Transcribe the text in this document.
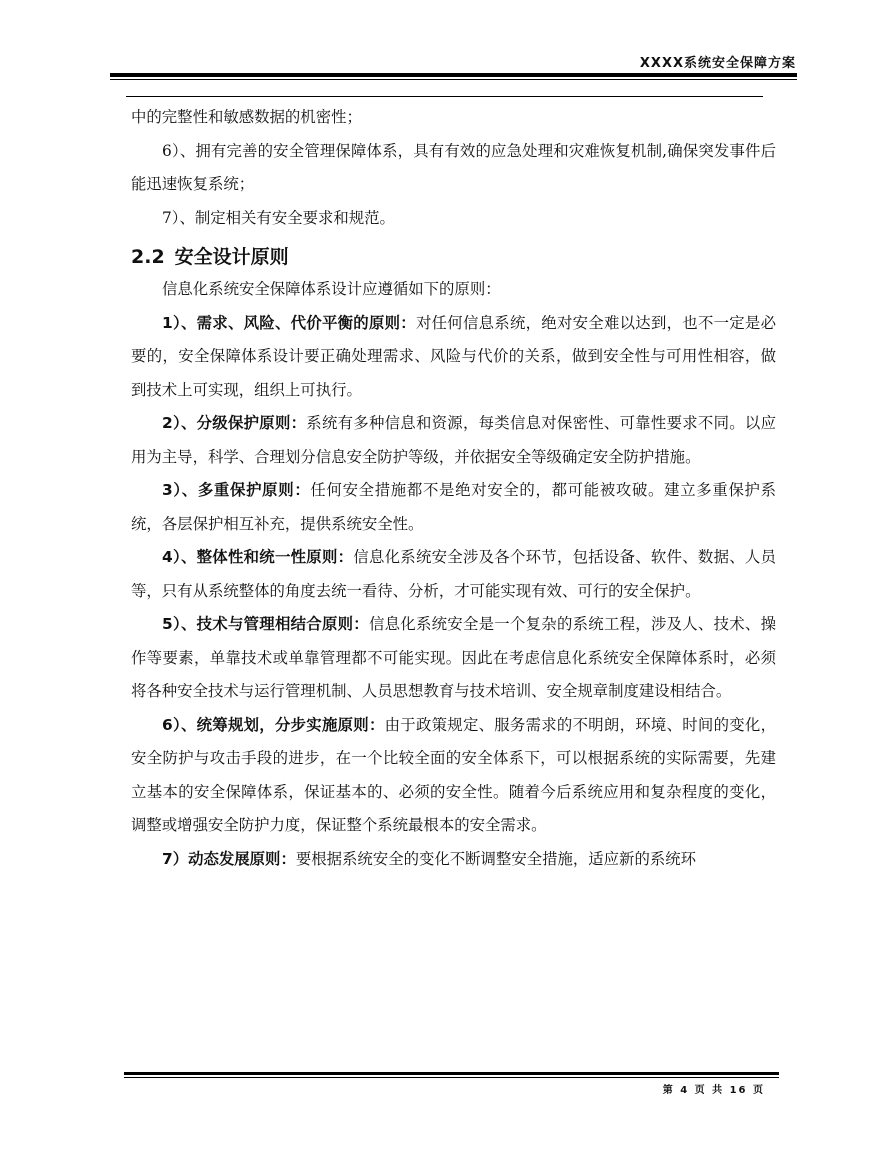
XXXX系统安全保障方案

中的完整性和敏感数据的机密性；

6）、拥有完善的安全管理保障体系，具有有效的应急处理和灾难恢复机制,确保突发事件后能迅速恢复系统；

7）、制定相关有安全要求和规范。

2.2 安全设计原则

信息化系统安全保障体系设计应遵循如下的原则：

1）、需求、风险、代价平衡的原则：对任何信息系统，绝对安全难以达到，也不一定是必要的，安全保障体系设计要正确处理需求、风险与代价的关系，做到安全性与可用性相容，做到技术上可实现，组织上可执行。

2）、分级保护原则：系统有多种信息和资源，每类信息对保密性、可靠性要求不同。以应用为主导，科学、合理划分信息安全防护等级，并依据安全等级确定安全防护措施。

3）、多重保护原则：任何安全措施都不是绝对安全的，都可能被攻破。建立多重保护系统，各层保护相互补充，提供系统安全性。

4）、整体性和统一性原则：信息化系统安全涉及各个环节，包括设备、软件、数据、人员等，只有从系统整体的角度去统一看待、分析，才可能实现有效、可行的安全保护。

5）、技术与管理相结合原则：信息化系统安全是一个复杂的系统工程，涉及人、技术、操作等要素，单靠技术或单靠管理都不可能实现。因此在考虑信息化系统安全保障体系时，必须将各种安全技术与运行管理机制、人员思想教育与技术培训、安全规章制度建设相结合。

6）、统筹规划，分步实施原则：由于政策规定、服务需求的不明朗，环境、时间的变化，安全防护与攻击手段的进步，在一个比较全面的安全体系下，可以根据系统的实际需要，先建立基本的安全保障体系，保证基本的、必须的安全性。随着今后系统应用和复杂程度的变化，调整或增强安全防护力度，保证整个系统最根本的安全需求。

7）动态发展原则：要根据系统安全的变化不断调整安全措施，适应新的系统环

第 4 页 共 16 页
